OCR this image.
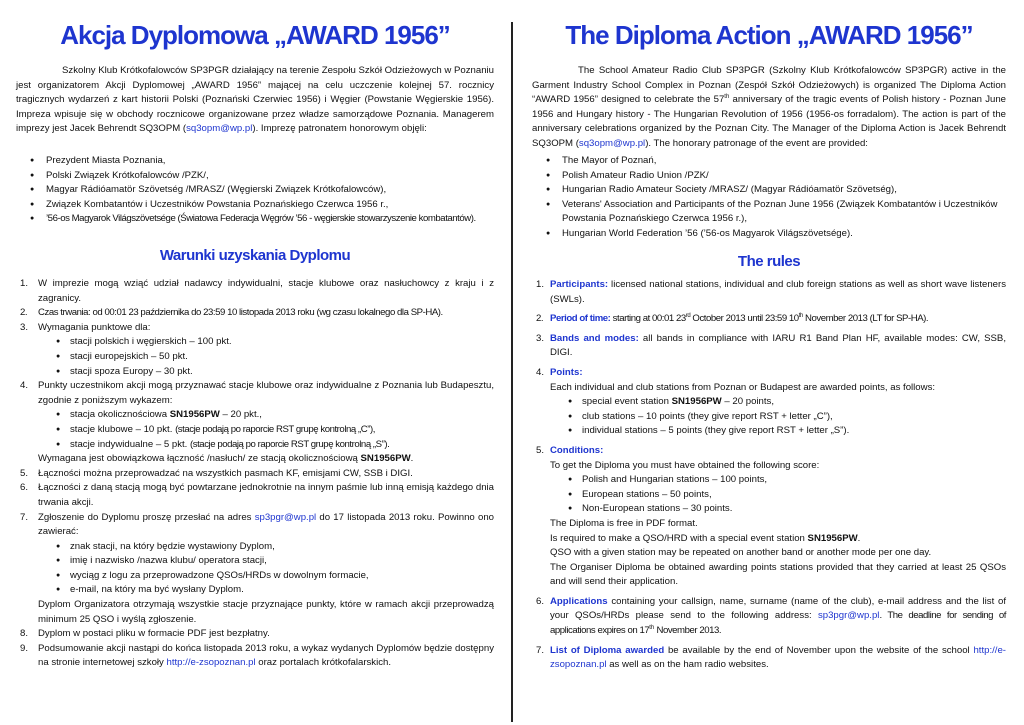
Akcja Dyplomowa „AWARD 1956”

Szkolny Klub Krótkofalowców SP3PGR działający na terenie Zespołu Szkół Odzieżowych w Poznaniu jest organizatorem Akcji Dyplomowej „AWARD 1956” mającej na celu uczczenie kolejnej 57. rocznicy tragicznych wydarzeń z kart historii Polski (Poznański Czerwiec 1956) i Węgier (Powstanie Węgierskie 1956). Impreza wpisuje się w obchody rocznicowe organizowane przez władze samorządowe Poznania. Managerem imprezy jest Jacek Behrendt SQ3OPM (sq3opm@wp.pl). Imprezę patronatem honorowym objęli:

● Prezydent Miasta Poznania,
● Polski Związek Krótkofalowców /PZK/,
● Magyar Rádióamatör Szövetség /MRASZ/ (Węgierski Związek Krótkofalowców),
● Związek Kombatantów i Uczestników Powstania Poznańskiego Czerwca 1956 r.,
● ’56-os Magyarok Világszövetsége (Światowa Federacja Węgrów ’56 - węgierskie stowarzyszenie kombatantów).
Warunki uzyskania Dyplomu
1. W imprezie mogą wziąć udział nadawcy indywidualni, stacje klubowe oraz nasłuchowcy z kraju i z zagranicy.
2. Czas trwania: od 00:01 23 października do 23:59 10 listopada 2013 roku (wg czasu lokalnego dla SP-HA).
3. Wymagania punktowe dla:
● stacji polskich i węgierskich – 100 pkt.
● stacji europejskich – 50 pkt.
● stacji spoza Europy – 30 pkt.
4. Punkty uczestnikom akcji mogą przyznawać stacje klubowe oraz indywidualne z Poznania lub Budapesztu, zgodnie z poniższym wykazem:
● stacja okolicznościowa SN1956PW – 20 pkt.,
● stacje klubowe – 10 pkt. (stacje podają po raporcie RST grupę kontrolną „C”),
● stacje indywidualne – 5 pkt. (stacje podają po raporcie RST grupę kontrolną „S”).
Wymagana jest obowiązkowa łączność /nasłuch/ ze stacją okolicznościową SN1956PW.
5. Łączności można przeprowadzać na wszystkich pasmach KF, emisjami CW, SSB i DIGI.
6. Łączności z daną stacją mogą być powtarzane jednokrotnie na innym paśmie lub inną emisją każdego dnia trwania akcji.
7. Zgłoszenie do Dyplomu proszę przesłać na adres sp3pgr@wp.pl do 17 listopada 2013 roku. Powinno ono zawierać:
● znak stacji, na który będzie wystawiony Dyplom,
● imię i nazwisko /nazwa klubu/ operatora stacji,
● wyciąg z logu za przeprowadzone QSOs/HRDs w dowolnym formacie,
● e-mail, na który ma być wysłany Dyplom.
Dyplom Organizatora otrzymają wszystkie stacje przyznające punkty, które w ramach akcji przeprowadzą minimum 25 QSO i wyślą zgłoszenie.
8. Dyplom w postaci pliku w formacie PDF jest bezpłatny.
9. Podsumowanie akcji nastąpi do końca listopada 2013 roku, a wykaz wydanych Dyplomów będzie dostępny na stronie internetowej szkoły http://e-zsopoznan.pl oraz portalach krótkofalarskich.
The Diploma Action „AWARD 1956”

The School Amateur Radio Club SP3PGR (Szkolny Klub Krótkofalowców SP3PGR) active in the Garment Industry School Complex in Poznan (Zespół Szkół Odzieżowych) is organized The Diploma Action “AWARD 1956” designed to celebrate the 57th anniversary of the tragic events of Polish history - Poznan June 1956 and Hungary history - The Hungarian Revolution of 1956 (1956-os forradalom). The action is part of the anniversary celebrations organized by the Poznan City. The Manager of the Diploma Action is Jacek Behrendt SQ3OPM (sq3opm@wp.pl). The honorary patronage of the event are provided:

● The Mayor of Poznań,
● Polish Amateur Radio Union /PZK/
● Hungarian Radio Amateur Society /MRASZ/ (Magyar Rádióamatör Szövetség),
● Veterans' Association and Participants of the Poznan June 1956 (Związek Kombatantów i Uczestników Powstania Poznańskiego Czerwca 1956 r.),
● Hungarian World Federation ’56 (’56-os Magyarok Világszövetsége).
The rules
1. Participants: licensed national stations, individual and club foreign stations as well as short wave listeners (SWLs).
2. Period of time: starting at 00:01 23rd October 2013 until 23:59 10th November 2013 (LT for SP-HA).
3. Bands and modes: all bands in compliance with IARU R1 Band Plan HF, available modes: CW, SSB, DIGI.
4. Points:
Each individual and club stations from Poznan or Budapest are awarded points, as follows:
● special event station SN1956PW – 20 points,
● club stations – 10 points (they give report RST + letter „C”),
● individual stations – 5 points (they give report RST + letter „S”).
5. Conditions:
To get the Diploma you must have obtained the following score:
● Polish and Hungarian stations – 100 points,
● European stations – 50 points,
● Non-European stations – 30 points.
The Diploma is free in PDF format.
Is required to make a QSO/HRD with a special event station SN1956PW.
QSO with a given station may be repeated on another band or another mode per one day.
The Organiser Diploma be obtained awarding points stations provided that they carried at least 25 QSOs and will send their application.
6. Applications containing your callsign, name, surname (name of the club), e-mail address and the list of your QSOs/HRDs please send to the following address: sp3pgr@wp.pl. The deadline for sending of applications expires on 17th November 2013.
7. List of Diploma awarded be available by the end of November upon the website of the school http://e-zsopoznan.pl as well as on the ham radio websites.
